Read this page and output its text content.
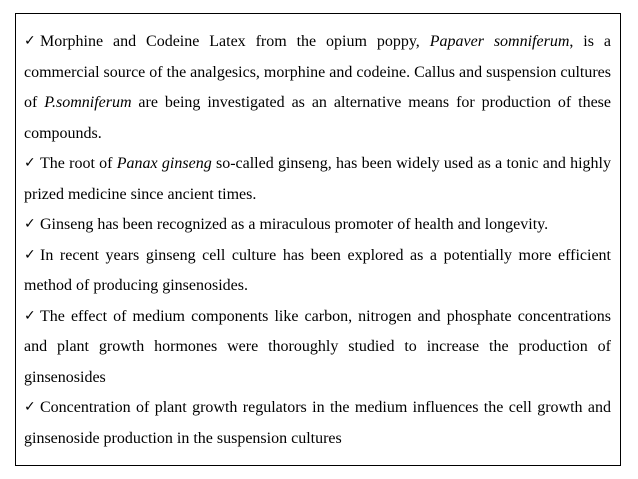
✓ Morphine and Codeine Latex from the opium poppy, Papaver somniferum, is a commercial source of the analgesics, morphine and codeine. Callus and suspension cultures of P.somniferum are being investigated as an alternative means for production of these compounds.

✓ The root of Panax ginseng so-called ginseng, has been widely used as a tonic and highly prized medicine since ancient times.

✓ Ginseng has been recognized as a miraculous promoter of health and longevity.

✓ In recent years ginseng cell culture has been explored as a potentially more efficient method of producing ginsenosides.

✓ The effect of medium components like carbon, nitrogen and phosphate concentrations and plant growth hormones were thoroughly studied to increase the production of ginsenosides

✓ Concentration of plant growth regulators in the medium influences the cell growth and ginsenoside production in the suspension cultures
